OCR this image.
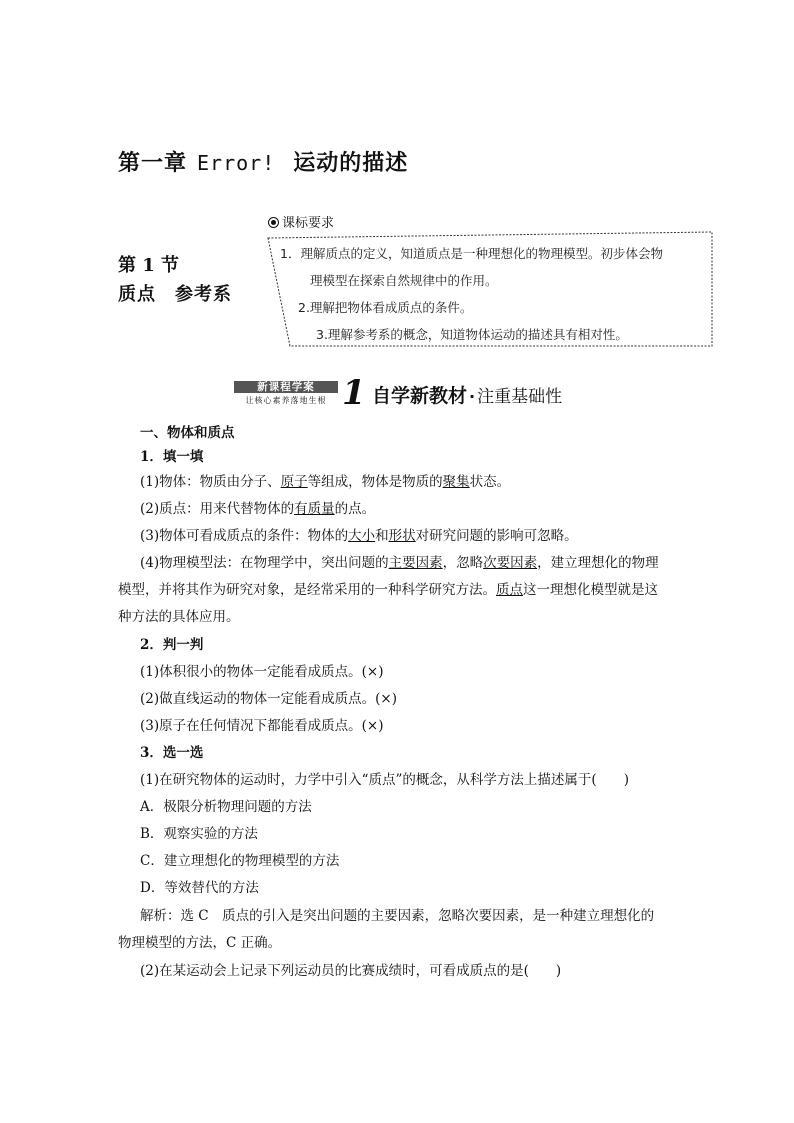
第一章 Error! 运动的描述
第 1 节
质点　参考系
课标要求
1．理解质点的定义，知道质点是一种理想化的物理模型。初步体会物
理模型在探索自然规律中的作用。
2.理解把物体看成质点的条件。
3.理解参考系的概念，知道物体运动的描述具有相对性。
新课程学案
让核心素养落地生根 1 自学新教材 · 注重基础性
一、物体和质点
1．填一填
(1)物体：物质由分子、原子等组成，物体是物质的聚集状态。
(2)质点：用来代替物体的有质量的点。
(3)物体可看成质点的条件：物体的大小和形状对研究问题的影响可忽略。
(4)物理模型法：在物理学中，突出问题的主要因素，忽略次要因素，建立理想化的物理
模型，并将其作为研究对象，是经常采用的一种科学研究方法。质点这一理想化模型就是这
种方法的具体应用。
2．判一判
(1)体积很小的物体一定能看成质点。(×)
(2)做直线运动的物体一定能看成质点。(×)
(3)原子在任何情况下都能看成质点。(×)
3．选一选
(1)在研究物体的运动时，力学中引入“质点”的概念，从科学方法上描述属于(　　)
A．极限分析物理问题的方法
B．观察实验的方法
C．建立理想化的物理模型的方法
D．等效替代的方法
解析：选 C　质点的引入是突出问题的主要因素，忽略次要因素，是一种建立理想化的
物理模型的方法，C 正确。
(2)在某运动会上记录下列运动员的比赛成绩时，可看成质点的是(　　)
